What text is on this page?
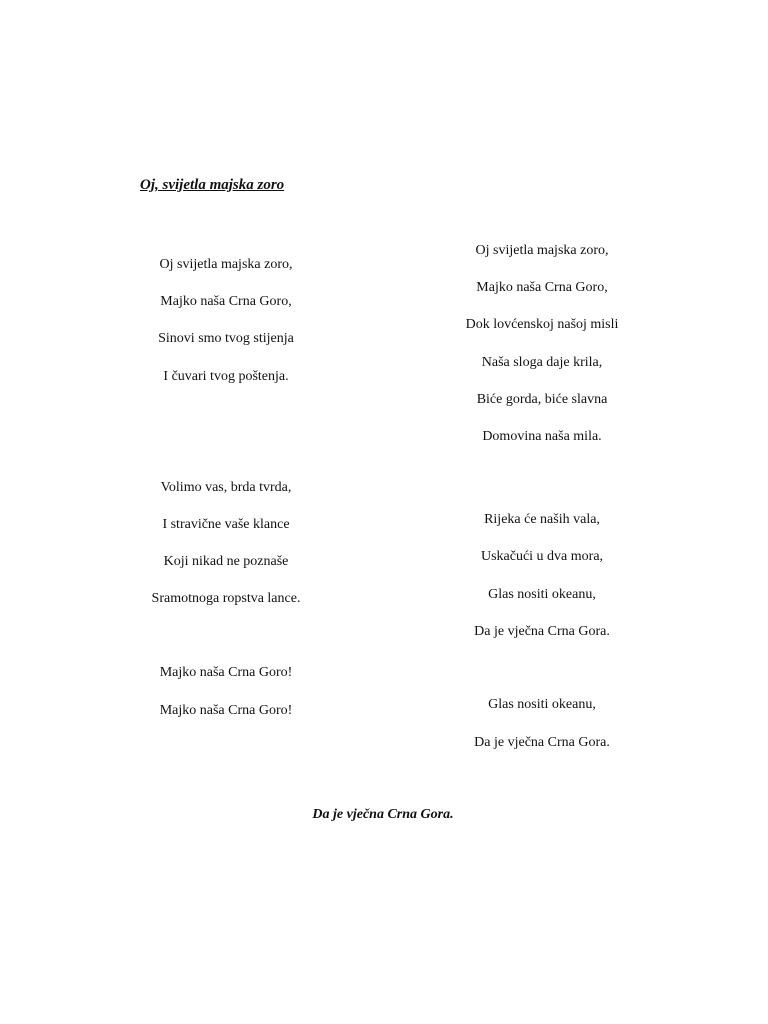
Oj, svijetla majska zoro
Oj svijetla majska zoro,
Majko naša Crna Goro,
Sinovi smo tvog stijenja
I čuvari tvog poštenja.
Volimo vas, brda tvrda,
I stravične vaše klance
Koji nikad ne poznaše
Sramotnoga ropstva lance.
Majko naša Crna Goro!
Majko naša Crna Goro!
Oj svijetla majska zoro,
Majko naša Crna Goro,
Dok lovćenskoj našoj misli
Naša sloga daje krila,
Biće gorda, biće slavna
Domovina naša mila.
Rijeka će naših vala,
Uskačući u dva mora,
Glas nositi okeanu,
Da je vječna Crna Gora.
Glas nositi okeanu,
Da je vječna Crna Gora.
Da je vječna Crna Gora.
